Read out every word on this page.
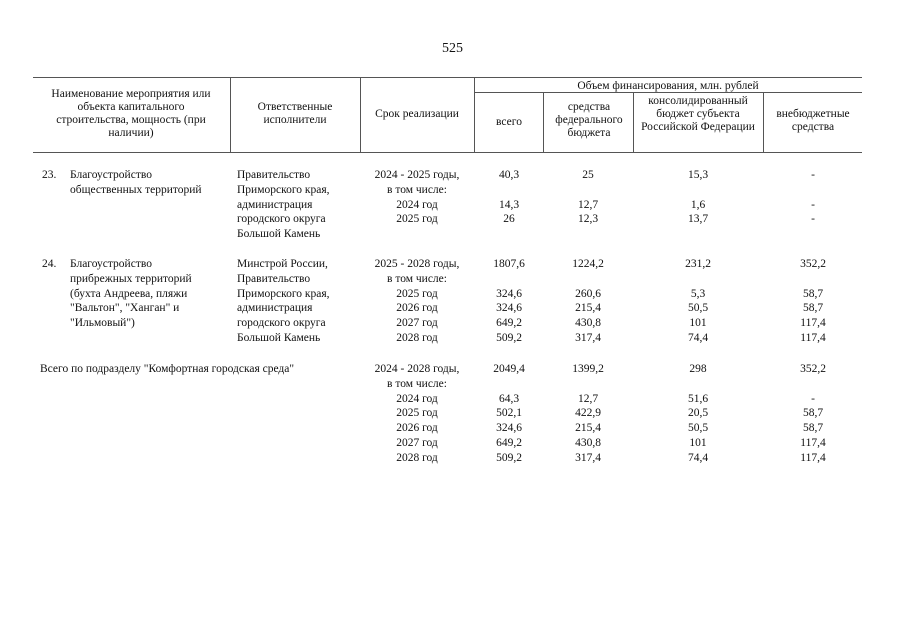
525
Наименование мероприятия или объекта капитального строительства, мощность (при наличии)
Ответственные исполнители	Срок реализации
Объем финансирования, млн. рублей
всего
средства федерального бюджета
консолидированный бюджет субъекта Российской Федерации
внебюджетные средства
23. Благоустройство
общественных территорий
Правительство
Приморского края,
администрация
городского округа
Большой Камень
2024 - 2025 годы,
в том числе:
2024 год
2025 год
40,3
14,3
26
25
12,7
12,3
15,3
1,6
13,7
-
-
-
24. Благоустройство
прибрежных территорий
(бухта Андреева, пляжи
"Вальтон", "Ханган" и
"Ильмовый")
Минстрой России,
Правительство
Приморского края,
администрация
городского округа
Большой Камень
2025 - 2028 годы,
в том числе:
2025 год
2026 год
2027 год
2028 год
1807,6
324,6
324,6
649,2
509,2
1224,2
260,6
215,4
430,8
317,4
231,2
5,3
50,5
101
74,4
352,2
58,7
58,7
117,4
117,4
Всего по подразделу "Комфортная городская среда"	2024 - 2028 годы,
в том числе:
2024 год
2025 год
2026 год
2027 год
2028 год
2049,4
64,3
502,1
324,6
649,2
509,2
1399,2
12,7
422,9
215,4
430,8
317,4
298
51,6
20,5
50,5
101
74,4
352,2
-
58,7
58,7
117,4
117,4
